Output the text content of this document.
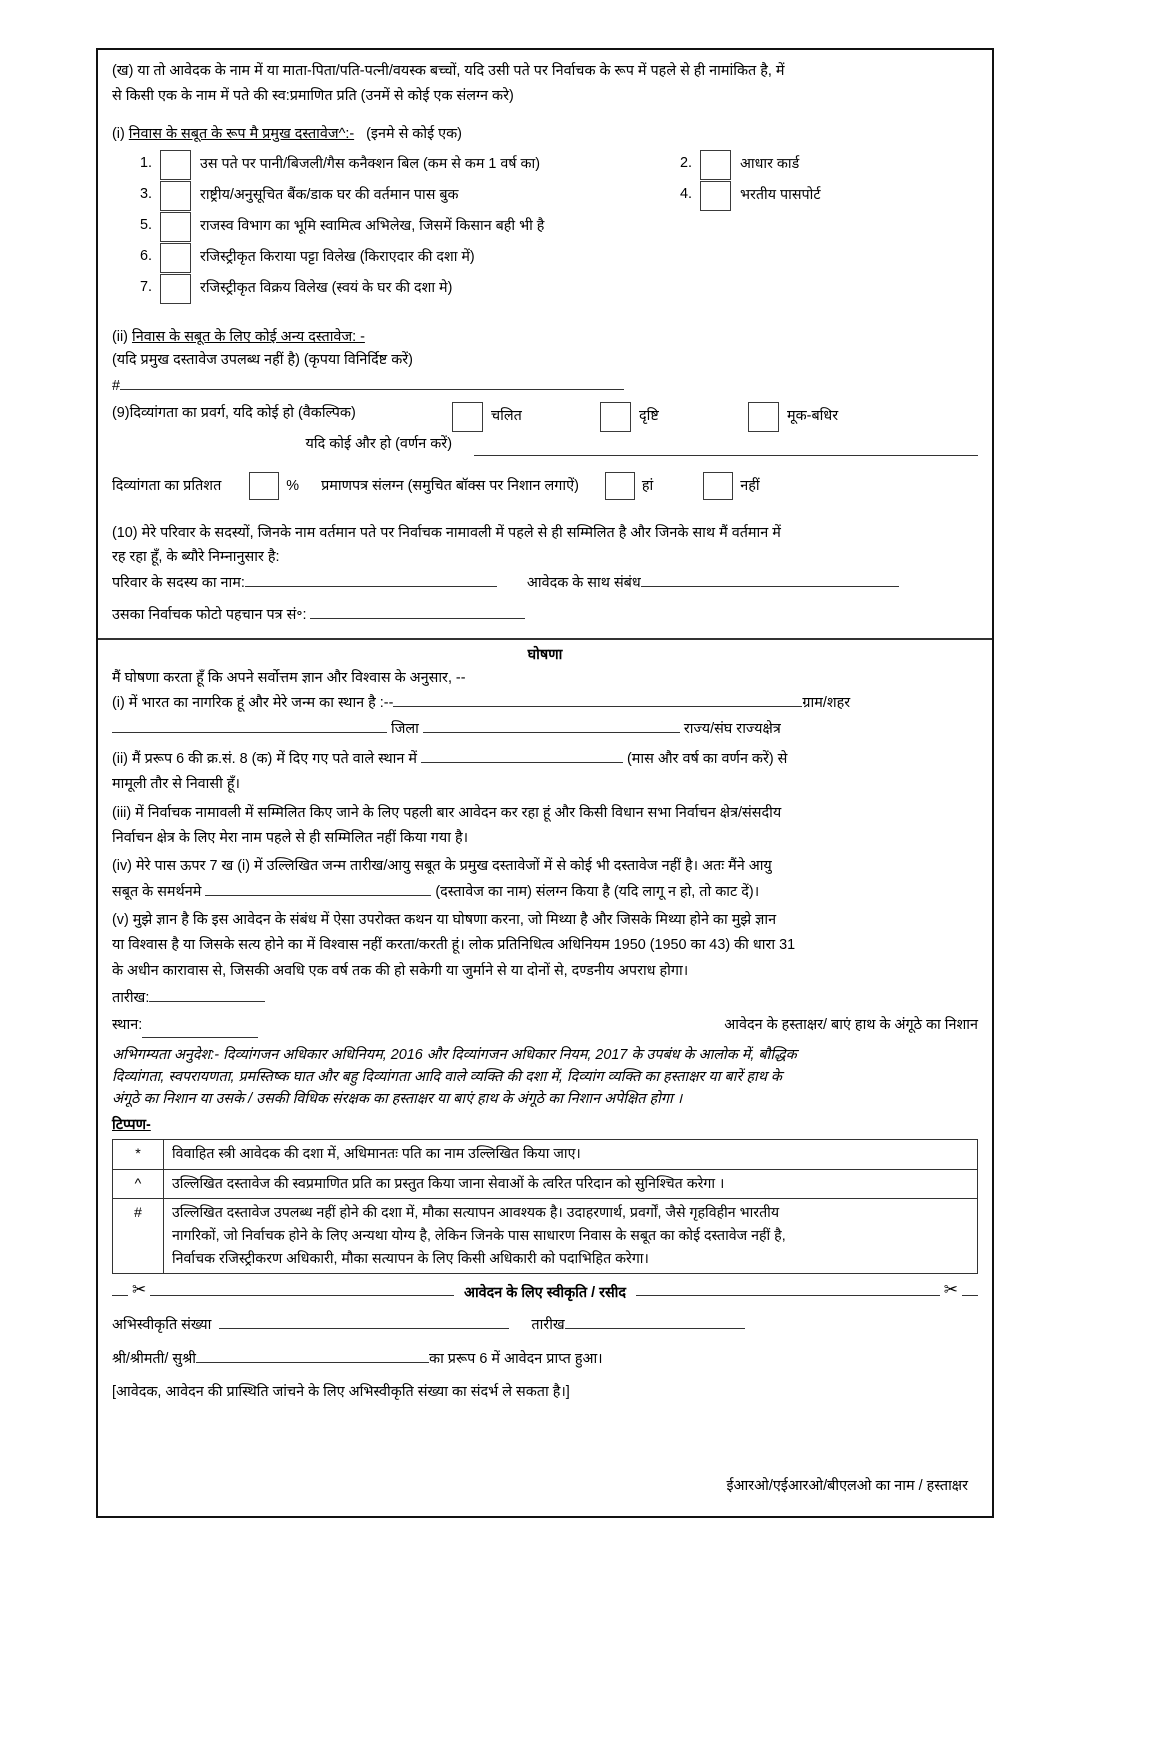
(ख) या तो आवेदक के नाम में या माता-पिता/पति-पत्नी/वयस्क बच्चों, यदि उसी पते पर निर्वाचक के रूप में पहले से ही नामांकित है, में
से किसी एक के नाम में पते की स्व:प्रमाणित प्रति (उनमें से कोई एक संलग्न करे)
(i) निवास के सबूत के रूप मै प्रमुख दस्तावेज^:- (इनमे से कोई एक)
1.	उस पते पर पानी/बिजली/गैस कनैक्शन बिल (कम से कम 1 वर्ष का)	2.	आधार कार्ड
3.	राष्ट्रीय/अनुसूचित बैंक/डाक घर की वर्तमान पास बुक	4.	भरतीय पासपोर्ट
5.	राजस्व विभाग का भूमि स्वामित्व अभिलेख, जिसमें किसान बही भी है
6.	रजिस्ट्रीकृत किराया पट्टा विलेख (किराएदार की दशा में)
7.	रजिस्ट्रीकृत विक्रय विलेख (स्वयं के घर की दशा मे)
(ii) निवास के सबूत के लिए कोई अन्य दस्तावेज: -
(यदि प्रमुख दस्तावेज उपलब्ध नहीं है) (कृपया विनिर्दिष्ट करें)
#
(9)दिव्यांगता का प्रवर्ग, यदि कोई हो (वैकल्पिक)	चलित	दृष्टि	मूक-बधिर
यदि कोई और हो (वर्णन करें)
दिव्यांगता का प्रतिशत	% प्रमाणपत्र संलग्न (समुचित बॉक्स पर निशान लगाऐं)	हां	नहीं
(10) मेरे परिवार के सदस्यों, जिनके नाम वर्तमान पते पर निर्वाचक नामावली में पहले से ही सम्मिलित है और जिनके साथ मैं वर्तमान में
रह रहा हूँ, के ब्यौरे निम्नानुसार है:
परिवार के सदस्य का नाम:	आवेदक के साथ संबंध
उसका निर्वाचक फोटो पहचान पत्र सं॰:
घोषणा
मैं घोषणा करता हूँ कि अपने सर्वोत्तम ज्ञान और विश्वास के अनुसार, --
(i) में भारत का नागरिक हूं और मेरे जन्म का स्थान है :--	ग्राम/शहर
जिला	राज्य/संघ राज्यक्षेत्र
(ii) मैं प्ररूप 6 की क्र.सं. 8 (क) में दिए गए पते वाले स्थान में	(मास और वर्ष का वर्णन करें) से
मामूली तौर से निवासी हूँ।
(iii) में निर्वाचक नामावली में सम्मिलित किए जाने के लिए पहली बार आवेदन कर रहा हूं और किसी विधान सभा निर्वाचन क्षेत्र/संसदीय
निर्वाचन क्षेत्र के लिए मेरा नाम पहले से ही सम्मिलित नहीं किया गया है।
(iv) मेरे पास ऊपर 7 ख (i) में उल्लिखित जन्म तारीख/आयु सबूत के प्रमुख दस्तावेजों में से कोई भी दस्तावेज नहीं है। अतः मैंने आयु
सबूत के समर्थनमे	(दस्तावेज का नाम) संलग्न किया है (यदि लागू न हो, तो काट दें)।
(v) मुझे ज्ञान है कि इस आवेदन के संबंध में ऐसा उपरोक्त कथन या घोषणा करना, जो मिथ्या है और जिसके मिथ्या होने का मुझे ज्ञान
या विश्वास है या जिसके सत्य होने का में विश्वास नहीं करता/करती हूं। लोक प्रतिनिधित्व अधिनियम 1950 (1950 का 43) की धारा 31
के अधीन कारावास से, जिसकी अवधि एक वर्ष तक की हो सकेगी या जुर्माने से या दोनों से, दण्डनीय अपराध होगा।
तारीख:
स्थान:	आवेदन के हस्ताक्षर/ बाएं हाथ के अंगूठे का निशान
अभिगम्यता अनुदेश:- दिव्यांगजन अधिकार अधिनियम, 2016 और दिव्यांगजन अधिकार नियम, 2017 के उपबंध के आलोक में, बौद्धिक
दिव्यांगता, स्वपरायणता, प्रमस्तिष्क घात और बहु दिव्यांगता आदि वाले व्यक्ति की दशा में, दिव्यांग व्यक्ति का हस्ताक्षर या बारें हाथ के
अंगूठे का निशान या उसके / उसकी विधिक संरक्षक का हस्ताक्षर या बाएं हाथ के अंगूठे का निशान अपेक्षित होगा ।
टिप्पण-
*	विवाहित स्त्री आवेदक की दशा में, अधिमानतः पति का नाम उल्लिखित किया जाए।

^	उल्लिखित दस्तावेज की स्वप्रमाणित प्रति का प्रस्तुत किया जाना सेवाओं के त्वरित परिदान को सुनिश्चित करेगा ।

#	उल्लिखित दस्तावेज उपलब्ध नहीं होने की दशा में, मौका सत्यापन आवश्यक है। उदाहरणार्थ, प्रवर्गों, जैसे गृहविहीन भारतीय
नागरिकों, जो निर्वाचक होने के लिए अन्यथा योग्य है, लेकिन जिनके पास साधारण निवास के सबूत का कोई दस्तावेज नहीं है,
निर्वाचक रजिस्ट्रीकरण अधिकारी, मौका सत्यापन के लिए किसी अधिकारी को पदाभिहित करेगा।
✂	✂
आवेदन के लिए स्वीकृति / रसीद
अभिस्वीकृति संख्या	तारीख
श्री/श्रीमती/ सुश्री	का प्ररूप 6 में आवेदन प्राप्त हुआ।
[आवेदक, आवेदन की प्रास्थिति जांचने के लिए अभिस्वीकृति संख्या का संदर्भ ले सकता है।]
ईआरओ/एईआरओ/बीएलओ का नाम / हस्ताक्षर
